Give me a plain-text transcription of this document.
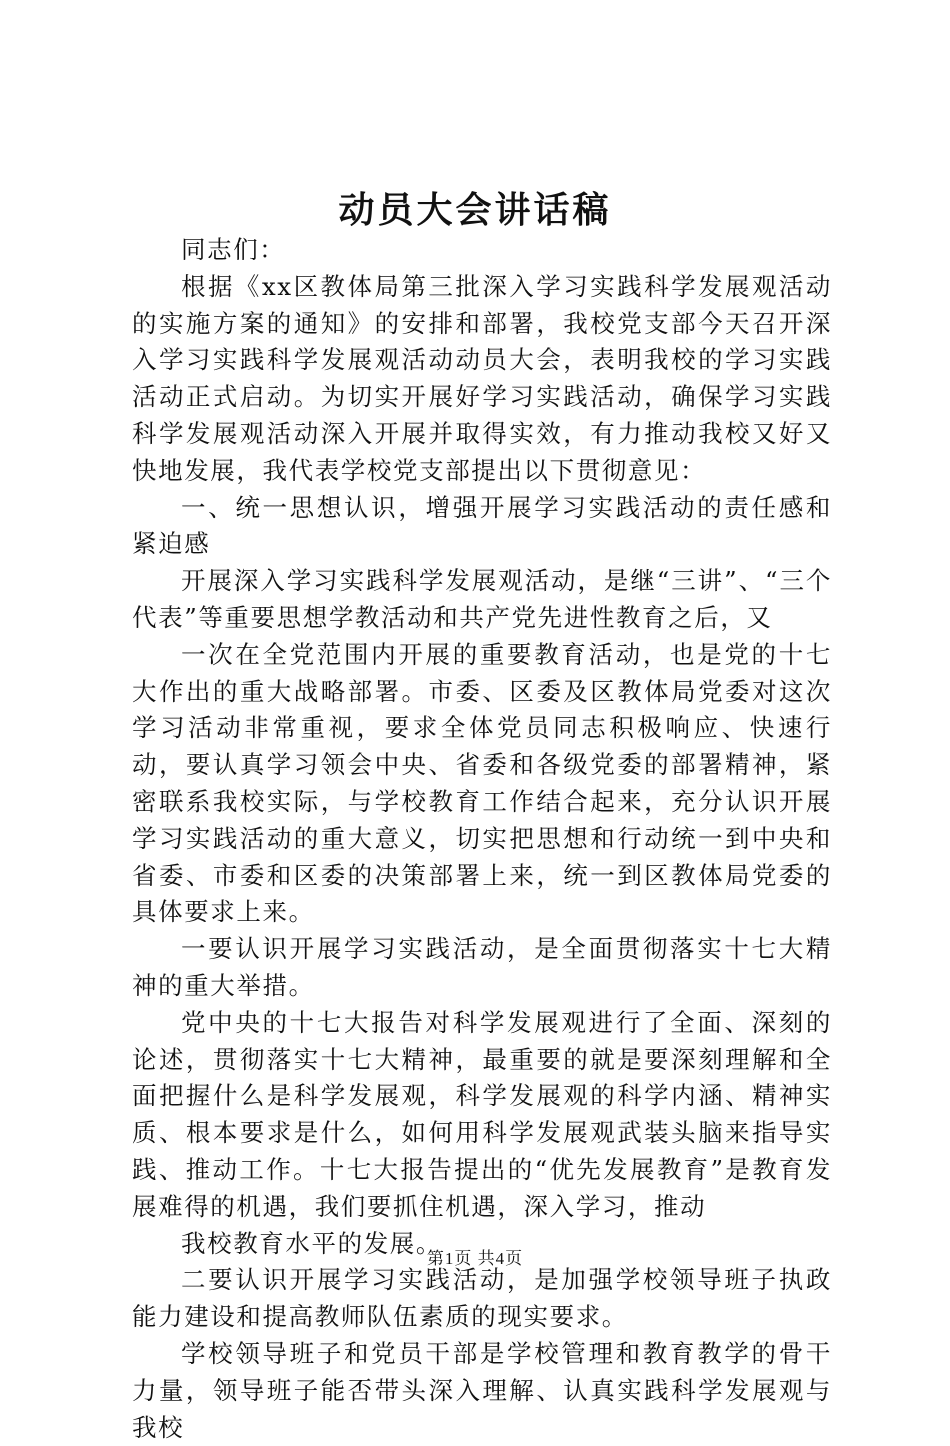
动员大会讲话稿

同志们：

根据《xx区教体局第三批深入学习实践科学发展观活动的实施方案的通知》的安排和部署，我校党支部今天召开深入学习实践科学发展观活动动员大会，表明我校的学习实践活动正式启动。为切实开展好学习实践活动，确保学习实践科学发展观活动深入开展并取得实效，有力推动我校又好又快地发展，我代表学校党支部提出以下贯彻意见：

一、统一思想认识，增强开展学习实践活动的责任感和紧迫感

开展深入学习实践科学发展观活动，是继“三讲”、“三个代表”等重要思想学教活动和共产党先进性教育之后，又

一次在全党范围内开展的重要教育活动，也是党的十七大作出的重大战略部署。市委、区委及区教体局党委对这次学习活动非常重视，要求全体党员同志积极响应、快速行动，要认真学习领会中央、省委和各级党委的部署精神，紧密联系我校实际，与学校教育工作结合起来，充分认识开展学习实践活动的重大意义，切实把思想和行动统一到中央和省委、市委和区委的决策部署上来，统一到区教体局党委的具体要求上来。

一要认识开展学习实践活动，是全面贯彻落实十七大精神的重大举措。

党中央的十七大报告对科学发展观进行了全面、深刻的论述，贯彻落实十七大精神，最重要的就是要深刻理解和全面把握什么是科学发展观，科学发展观的科学内涵、精神实质、根本要求是什么，如何用科学发展观武装头脑来指导实践、推动工作。十七大报告提出的“优先发展教育”是教育发展难得的机遇，我们要抓住机遇，深入学习，推动

我校教育水平的发展。

二要认识开展学习实践活动，是加强学校领导班子执政能力建设和提高教师队伍素质的现实要求。

学校领导班子和党员干部是学校管理和教育教学的骨干力量，领导班子能否带头深入理解、认真实践科学发展观与我校

第1页 共4页
